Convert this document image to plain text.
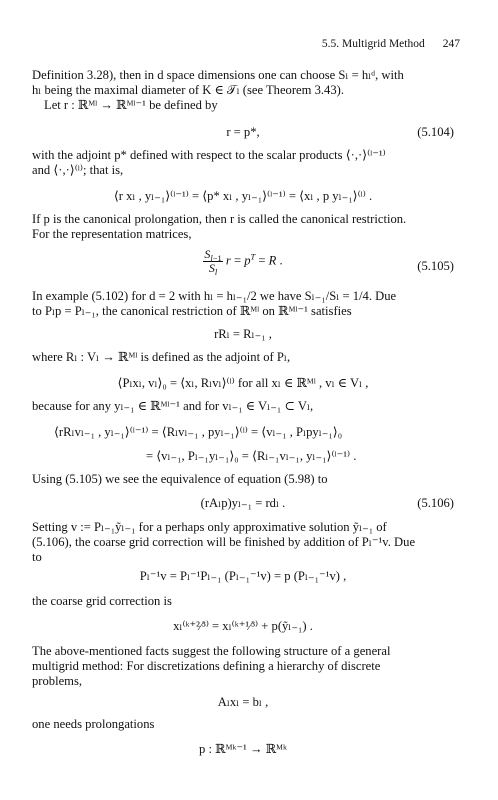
5.5. Multigrid Method 247

Definition 3.28), then in d space dimensions one can choose Sₗ = hₗᵈ, with

hₗ being the maximal diameter of K ∈ 𝒯ₗ (see Theorem 3.43).

Let r : ℝᴹˡ → ℝᴹˡ⁻¹ be defined by

r = p*,	(5.104)

with the adjoint p* defined with respect to the scalar products ⟨·,·⟩⁽ˡ⁻¹⁾

and ⟨·,·⟩⁽ˡ⁾; that is,

⟨r xₗ , yₗ₋₁⟩⁽ˡ⁻¹⁾ = ⟨p* xₗ , yₗ₋₁⟩⁽ˡ⁻¹⁾ = ⟨xₗ , p yₗ₋₁⟩⁽ˡ⁾ .

If p is the canonical prolongation, then r is called the canonical restriction.

For the representation matrices,

$\frac{S_{l-1}}{S_l}$ $r = p^T = R$ .	(5.105)

In example (5.102) for d = 2 with hₗ = hₗ₋₁/2 we have Sₗ₋₁/Sₗ = 1/4. Due

to Pₗp = Pₗ₋₁, the canonical restriction of ℝᴹˡ on ℝᴹˡ⁻¹ satisfies

rRₗ = Rₗ₋₁ ,

where Rₗ : Vₗ → ℝᴹˡ is defined as the adjoint of Pₗ,

⟨Pₗxₗ, vₗ⟩₀ = ⟨xₗ, Rₗvₗ⟩⁽ˡ⁾ for all xₗ ∈ ℝᴹˡ , vₗ ∈ Vₗ ,

because for any yₗ₋₁ ∈ ℝᴹˡ⁻¹ and for vₗ₋₁ ∈ Vₗ₋₁ ⊂ Vₗ,

⟨rRₗvₗ₋₁ , yₗ₋₁⟩⁽ˡ⁻¹⁾ = ⟨Rₗvₗ₋₁ , pyₗ₋₁⟩⁽ˡ⁾ = ⟨vₗ₋₁ , Pₗpyₗ₋₁⟩₀
= ⟨vₗ₋₁, Pₗ₋₁yₗ₋₁⟩₀ = ⟨Rₗ₋₁vₗ₋₁, yₗ₋₁⟩⁽ˡ⁻¹⁾ .

Using (5.105) we see the equivalence of equation (5.98) to

(rAₗp)yₗ₋₁ = rdₗ .	(5.106)

Setting v := Pₗ₋₁ỹₗ₋₁ for a perhaps only approximative solution ỹₗ₋₁ of

(5.106), the coarse grid correction will be finished by addition of Pₗ⁻¹v. Due

to

Pₗ⁻¹v = Pₗ⁻¹Pₗ₋₁ (Pₗ₋₁⁻¹v) = p (Pₗ₋₁⁻¹v) ,

the coarse grid correction is

xₗ⁽ᵏ⁺²⁄³⁾ = xₗ⁽ᵏ⁺¹⁄³⁾ + p(ỹₗ₋₁) .

The above-mentioned facts suggest the following structure of a general

multigrid method: For discretizations defining a hierarchy of discrete

problems,

Aₗxₗ = bₗ ,

one needs prolongations

p : ℝᴹᵏ⁻¹ → ℝᴹᵏ
